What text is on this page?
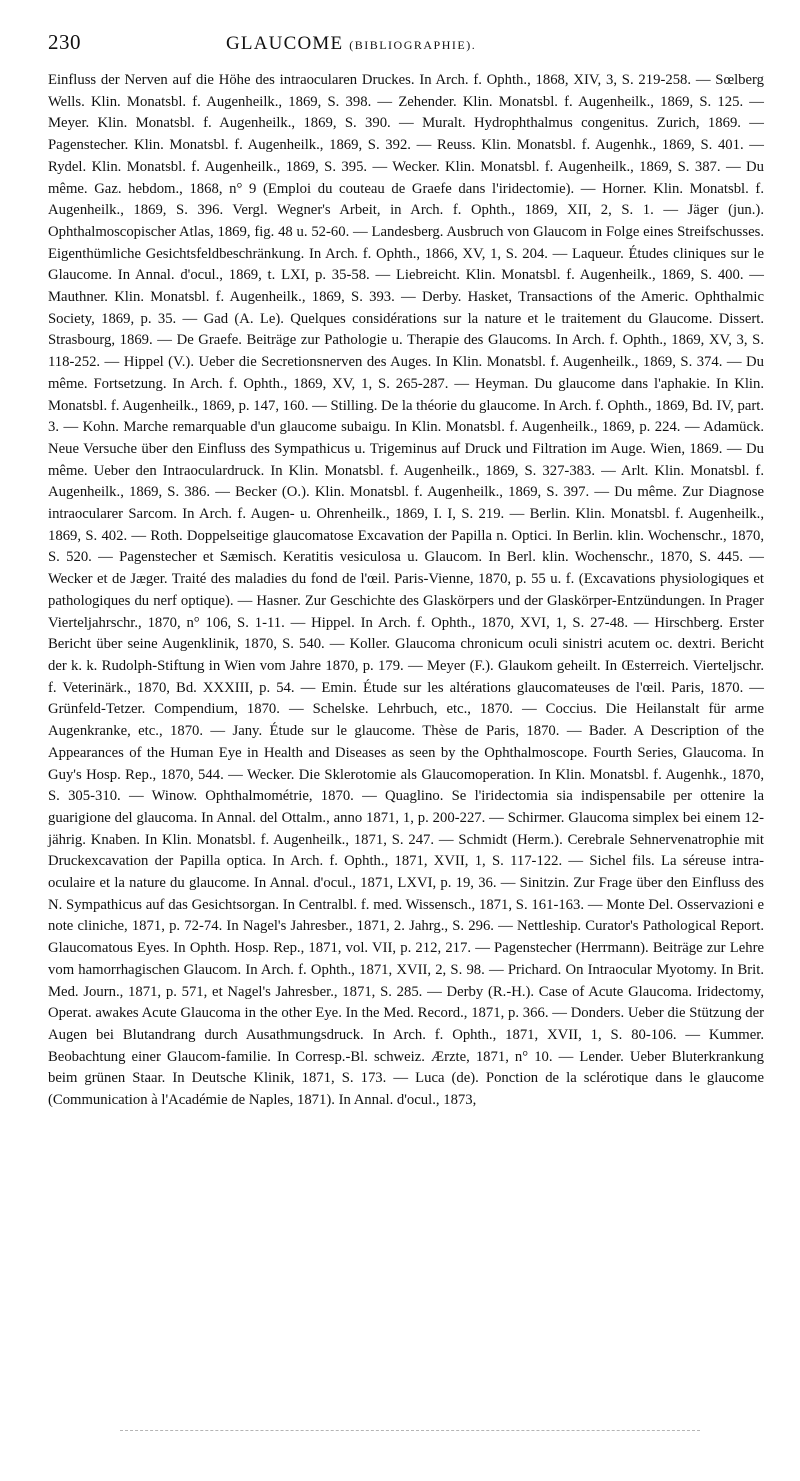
230	GLAUCOME (BIBLIOGRAPHIE).
Einfluss der Nerven auf die Höhe des intraocularen Druckes. In Arch. f. Ophth., 1868, XIV, 3, S. 219-258. — Sœlberg Wells. Klin. Monatsbl. f. Augenheilk., 1869, S. 398. — Zehender. Klin. Monatsbl. f. Augenheilk., 1869, S. 125. — Meyer. Klin. Monatsbl. f. Augenheilk., 1869, S. 390. — Muralt. Hydrophthalmus congenitus. Zurich, 1869. — Pagenstecher. Klin. Monatsbl. f. Augenheilk., 1869, S. 392. — Reuss. Klin. Monatsbl. f. Augenhk., 1869, S. 401. — Rydel. Klin. Monatsbl. f. Augenheilk., 1869, S. 395. — Wecker. Klin. Monatsbl. f. Augenheilk., 1869, S. 387. — Du même. Gaz. hebdom., 1868, n° 9 (Emploi du couteau de Graefe dans l'iridectomie). — Horner. Klin. Monatsbl. f. Augenheilk., 1869, S. 396. Vergl. Wegner's Arbeit, in Arch. f. Ophth., 1869, XII, 2, S. 1. — Jäger (jun.). Ophthalmoscopischer Atlas, 1869, fig. 48 u. 52-60. — Landesberg. Ausbruch von Glaucom in Folge eines Streifschusses. Eigenthümliche Gesichtsfeldbeschränkung. In Arch. f. Ophth., 1866, XV, 1, S. 204. — Laqueur. Études cliniques sur le Glaucome. In Annal. d'ocul., 1869, t. LXI, p. 35-58. — Liebreicht. Klin. Monatsbl. f. Augenheilk., 1869, S. 400. — Mauthner. Klin. Monatsbl. f. Augenheilk., 1869, S. 393. — Derby. Hasket, Transactions of the Americ. Ophthalmic Society, 1869, p. 35. — Gad (A. Le). Quelques considérations sur la nature et le traitement du Glaucome. Dissert. Strasbourg, 1869. — De Graefe. Beiträge zur Pathologie u. Therapie des Glaucoms. In Arch. f. Ophth., 1869, XV, 3, S. 118-252. — Hippel (V.). Ueber die Secretionsnerven des Auges. In Klin. Monatsbl. f. Augenheilk., 1869, S. 374. — Du même. Fortsetzung. In Arch. f. Ophth., 1869, XV, 1, S. 265-287. — Heyman. Du glaucome dans l'aphakie. In Klin. Monatsbl. f. Augenheilk., 1869, p. 147, 160. — Stilling. De la théorie du glaucome. In Arch. f. Ophth., 1869, Bd. IV, part. 3. — Kohn. Marche remarquable d'un glaucome subaigu. In Klin. Monatsbl. f. Augenheilk., 1869, p. 224. — Adamück. Neue Versuche über den Einfluss des Sympathicus u. Trigeminus auf Druck und Filtration im Auge. Wien, 1869. — Du même. Ueber den Intraoculardruck. In Klin. Monatsbl. f. Augenheilk., 1869, S. 327-383. — Arlt. Klin. Monatsbl. f. Augenheilk., 1869, S. 386. — Becker (O.). Klin. Monatsbl. f. Augenheilk., 1869, S. 397. — Du même. Zur Diagnose intraocularer Sarcom. In Arch. f. Augen- u. Ohrenheilk., 1869, I. I, S. 219. — Berlin. Klin. Monatsbl. f. Augenheilk., 1869, S. 402. — Roth. Doppelseitige glaucomatose Excavation der Papilla n. Optici. In Berlin. klin. Wochenschr., 1870, S. 520. — Pagenstecher et Sæmisch. Keratitis vesiculosa u. Glaucom. In Berl. klin. Wochenschr., 1870, S. 445. — Wecker et de Jæger. Traité des maladies du fond de l'œil. Paris-Vienne, 1870, p. 55 u. f. (Excavations physiologiques et pathologiques du nerf optique). — Hasner. Zur Geschichte des Glaskörpers und der Glaskörper-Entzündungen. In Prager Vierteljahrschr., 1870, n° 106, S. 1-11. — Hippel. In Arch. f. Ophth., 1870, XVI, 1, S. 27-48. — Hirschberg. Erster Bericht über seine Augenklinik, 1870, S. 540. — Koller. Glaucoma chronicum oculi sinistri acutem oc. dextri. Bericht der k. k. Rudolph-Stiftung in Wien vom Jahre 1870, p. 179. — Meyer (F.). Glaukom geheilt. In Œsterreich. Vierteljschr. f. Veterinärk., 1870, Bd. XXXIII, p. 54. — Emin. Étude sur les altérations glaucomateuses de l'œil. Paris, 1870. — Grünfeld-Tetzer. Compendium, 1870. — Schelske. Lehrbuch, etc., 1870. — Coccius. Die Heilanstalt für arme Augenkranke, etc., 1870. — Jany. Étude sur le glaucome. Thèse de Paris, 1870. — Bader. A Description of the Appearances of the Human Eye in Health and Diseases as seen by the Ophthalmoscope. Fourth Series, Glaucoma. In Guy's Hosp. Rep., 1870, 544. — Wecker. Die Sklerotomie als Glaucomoperation. In Klin. Monatsbl. f. Augenhk., 1870, S. 305-310. — Winow. Ophthalmométrie, 1870. — Quaglino. Se l'iridectomia sia indispensabile per ottenire la guarigione del glaucoma. In Annal. del Ottalm., anno 1871, 1, p. 200-227. — Schirmer. Glaucoma simplex bei einem 12-jährig. Knaben. In Klin. Monatsbl. f. Augenheilk., 1871, S. 247. — Schmidt (Herm.). Cerebrale Sehnervenatrophie mit Druckexcavation der Papilla optica. In Arch. f. Ophth., 1871, XVII, 1, S. 117-122. — Sichel fils. La séreuse intra-oculaire et la nature du glaucome. In Annal. d'ocul., 1871, LXVI, p. 19, 36. — Sinitzin. Zur Frage über den Einfluss des N. Sympathicus auf das Gesichtsorgan. In Centralbl. f. med. Wissensch., 1871, S. 161-163. — Monte Del. Osservazioni e note cliniche, 1871, p. 72-74. In Nagel's Jahresber., 1871, 2. Jahrg., S. 296. — Nettleship. Curator's Pathological Report. Glaucomatous Eyes. In Ophth. Hosp. Rep., 1871, vol. VII, p. 212, 217. — Pagenstecher (Herrmann). Beiträge zur Lehre vom hamorrhagischen Glaucom. In Arch. f. Ophth., 1871, XVII, 2, S. 98. — Prichard. On Intraocular Myotomy. In Brit. Med. Journ., 1871, p. 571, et Nagel's Jahresber., 1871, S. 285. — Derby (R.-H.). Case of Acute Glaucoma. Iridectomy, Operat. awakes Acute Glaucoma in the other Eye. In the Med. Record., 1871, p. 366. — Donders. Ueber die Stützung der Augen bei Blutandrang durch Ausathmungsdruck. In Arch. f. Ophth., 1871, XVII, 1, S. 80-106. — Kummer. Beobachtung einer Glaucom-familie. In Corresp.-Bl. schweiz. Ærzte, 1871, n° 10. — Lender. Ueber Bluterkrankung beim grünen Staar. In Deutsche Klinik, 1871, S. 173. — Luca (de). Ponction de la sclérotique dans le glaucome (Communication à l'Académie de Naples, 1871). In Annal. d'ocul., 1873,
